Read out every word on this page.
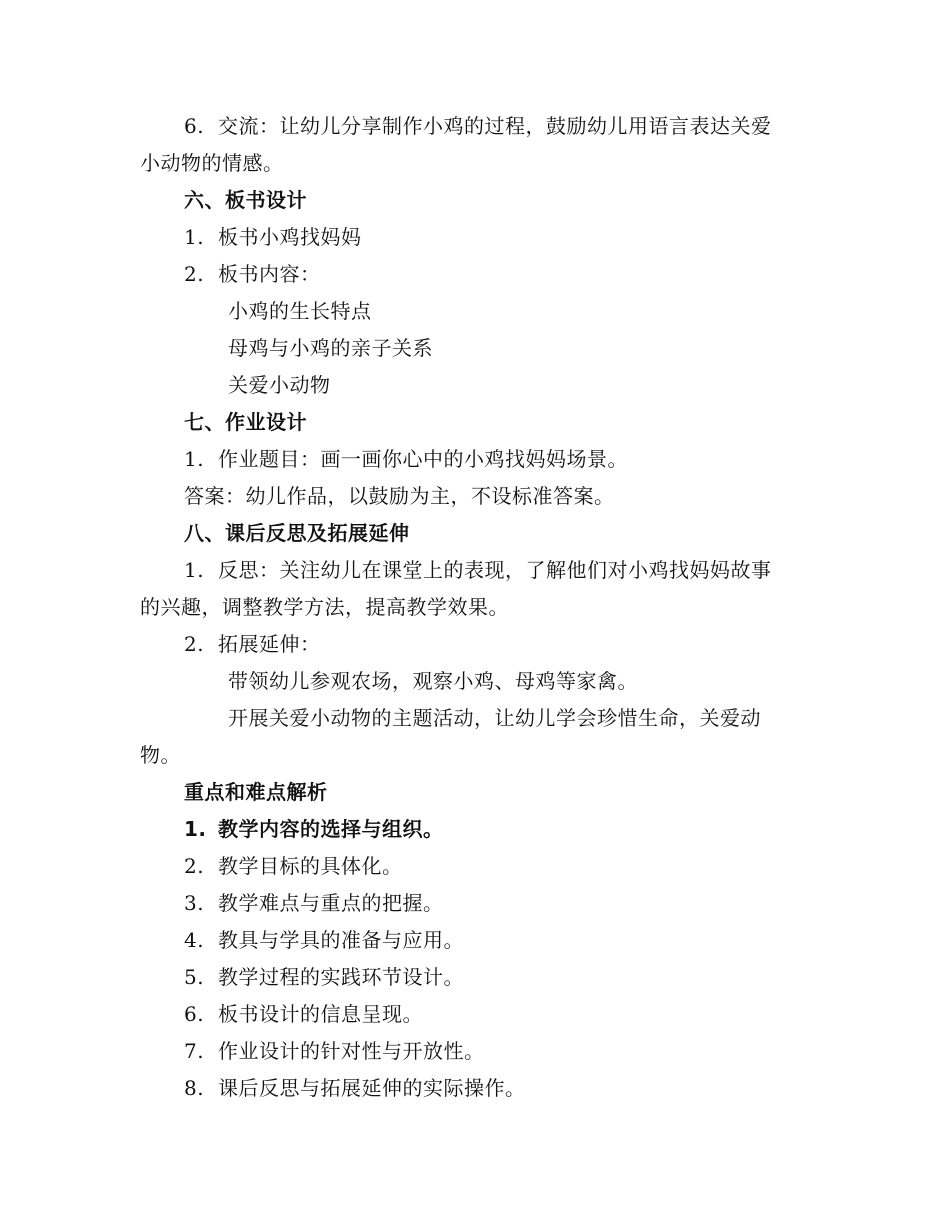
6. 交流：让幼儿分享制作小鸡的过程，鼓励幼儿用语言表达关爱
小动物的情感。
六、板书设计
1. 板书小鸡找妈妈
2. 板书内容：
小鸡的生长特点
母鸡与小鸡的亲子关系
关爱小动物
七、作业设计
1. 作业题目：画一画你心中的小鸡找妈妈场景。
答案：幼儿作品，以鼓励为主，不设标准答案。
八、课后反思及拓展延伸
1. 反思：关注幼儿在课堂上的表现，了解他们对小鸡找妈妈故事
的兴趣，调整教学方法，提高教学效果。
2. 拓展延伸：
带领幼儿参观农场，观察小鸡、母鸡等家禽。
开展关爱小动物的主题活动，让幼儿学会珍惜生命，关爱动
物。
重点和难点解析
1. 教学内容的选择与组织。
2. 教学目标的具体化。
3. 教学难点与重点的把握。
4. 教具与学具的准备与应用。
5. 教学过程的实践环节设计。
6. 板书设计的信息呈现。
7. 作业设计的针对性与开放性。
8. 课后反思与拓展延伸的实际操作。
